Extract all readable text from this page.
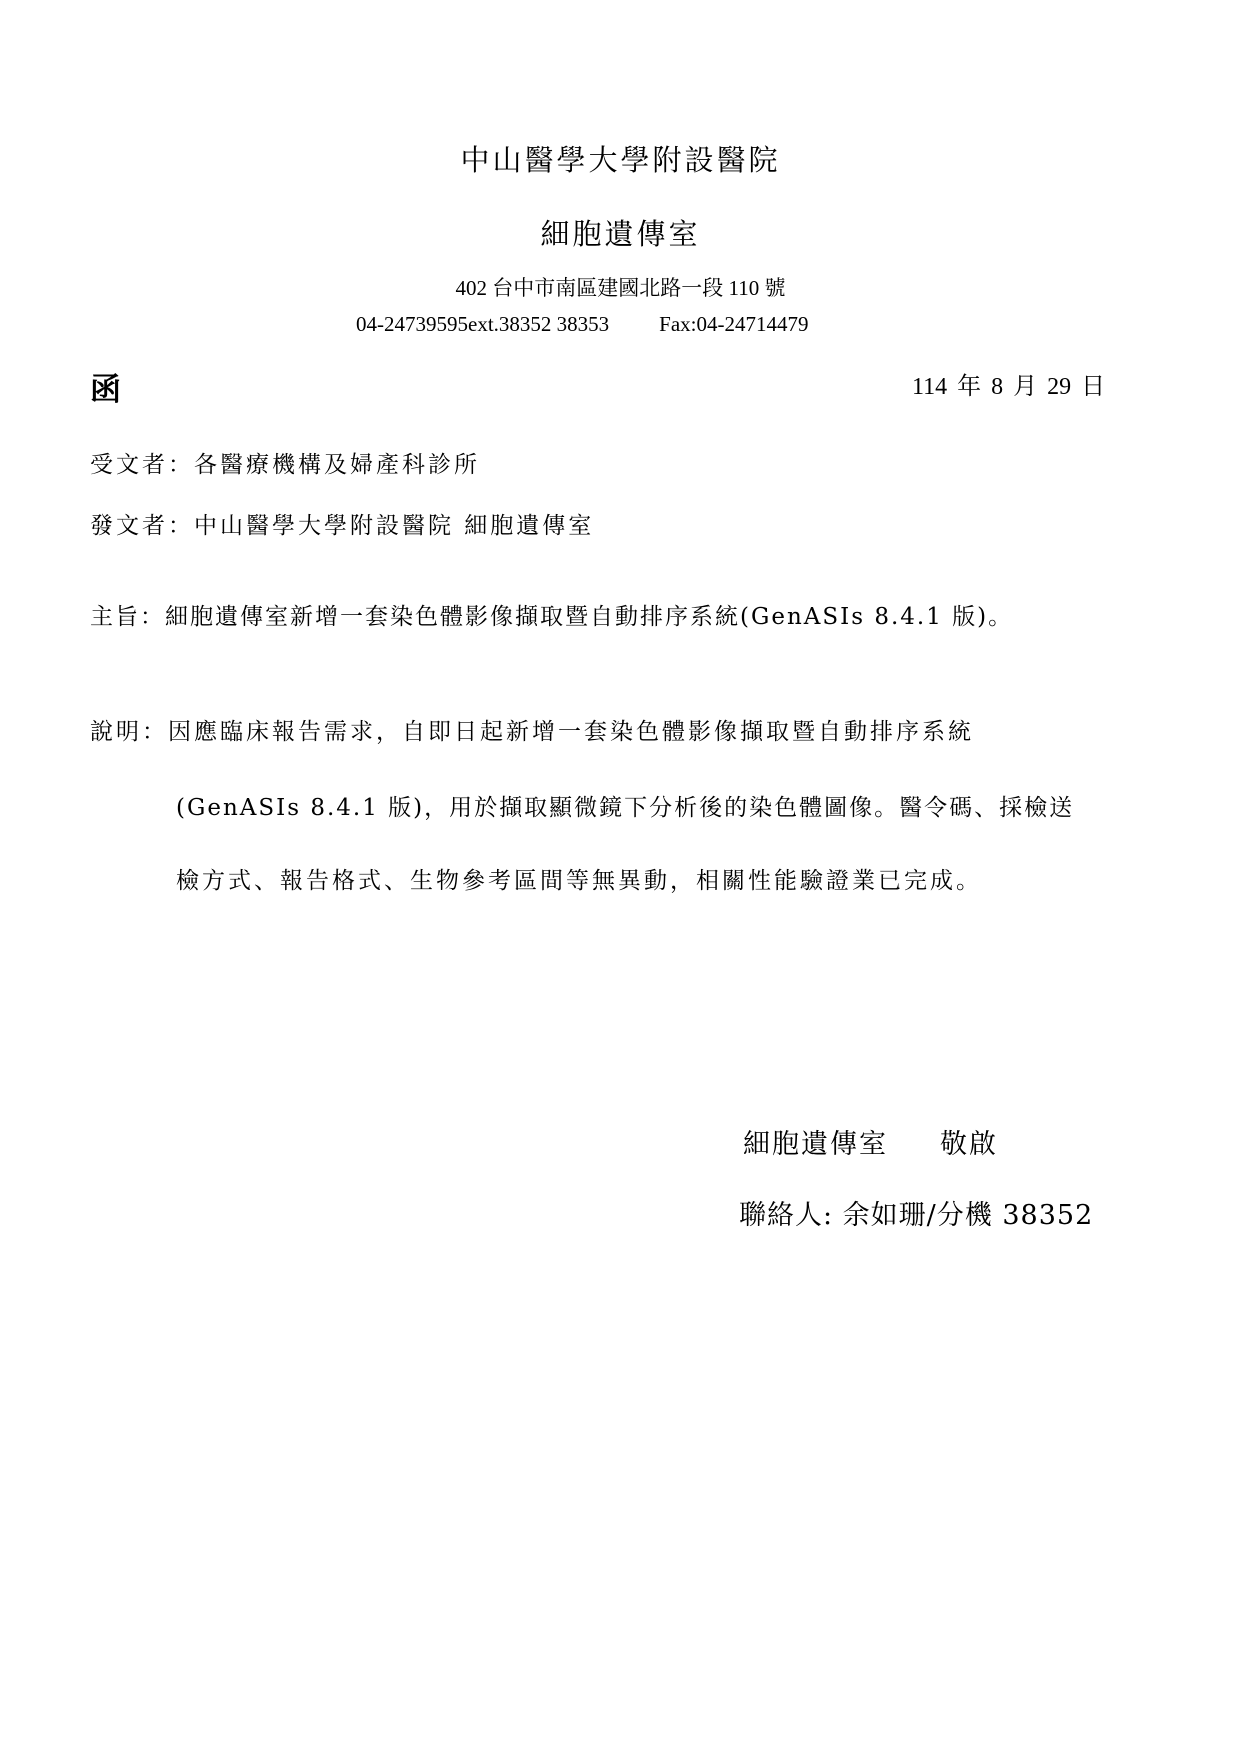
中山醫學大學附設醫院
細胞遺傳室
402 台中市南區建國北路一段 110 號
04-24739595ext.38352 38353 Fax:04-24714479
函	114 年 8 月 29 日
受文者：各醫療機構及婦產科診所
發文者：中山醫學大學附設醫院 細胞遺傳室
主旨：細胞遺傳室新增一套染色體影像擷取暨自動排序系統(GenASIs 8.4.1 版)。
說明：因應臨床報告需求，自即日起新增一套染色體影像擷取暨自動排序系統
(GenASIs 8.4.1 版)，用於擷取顯微鏡下分析後的染色體圖像。醫令碼、採檢送
檢方式、報告格式、生物參考區間等無異動，相關性能驗證業已完成。
細胞遺傳室 敬啟
聯絡人: 余如珊/分機 38352
